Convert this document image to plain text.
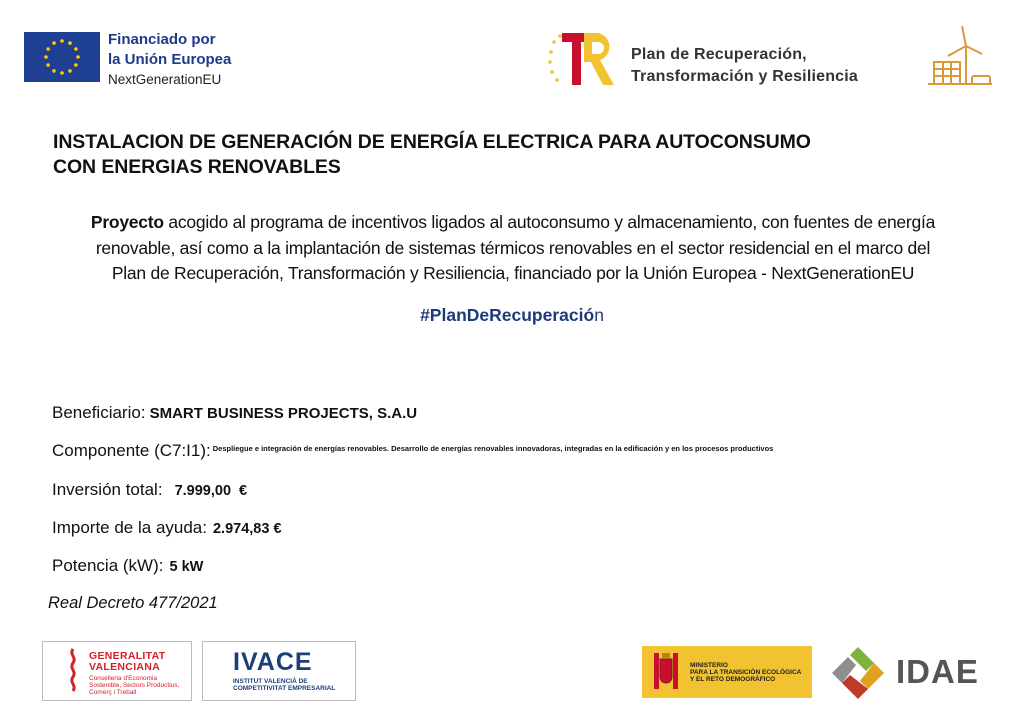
Financiado por
la Unión Europea
NextGenerationEU
Plan de Recuperación,
Transformación y Resiliencia
INSTALACION DE GENERACIÓN DE ENERGÍA ELECTRICA PARA AUTOCONSUMO
CON ENERGIAS RENOVABLES
Proyecto acogido al programa de incentivos ligados al autoconsumo y almacenamiento, con fuentes de energía
renovable, así como a la implantación de sistemas térmicos renovables en el sector residencial en el marco del
Plan de Recuperación, Transformación y Resiliencia, financiado por la Unión Europea - NextGenerationEU
#PlanDeRecuperación
Beneficiario: SMART BUSINESS PROJECTS, S.A.U
Componente (C7:I1): $^{Despliegue e integración de energías renovables. Desarrollo de energías renovables innovadoras, integradas en la edificación y en los procesos productivos}$
Inversión total: 7.999,00  €
Importe de la ayuda: 2.974,83 €
Potencia (kW): 5 kW
Real Decreto 477/2021
GENERALITAT
VALENCIANA
Conselleria d'Economia
Sostenible, Sectors Productius,
Comerç i Treball
IVACE
INSTITUT VALENCIÀ DE
COMPETITIVITAT EMPRESARIAL
MINISTERIO
PARA LA TRANSICIÓN ECOLÓGICA
Y EL RETO DEMOGRÁFICO	IDAE
